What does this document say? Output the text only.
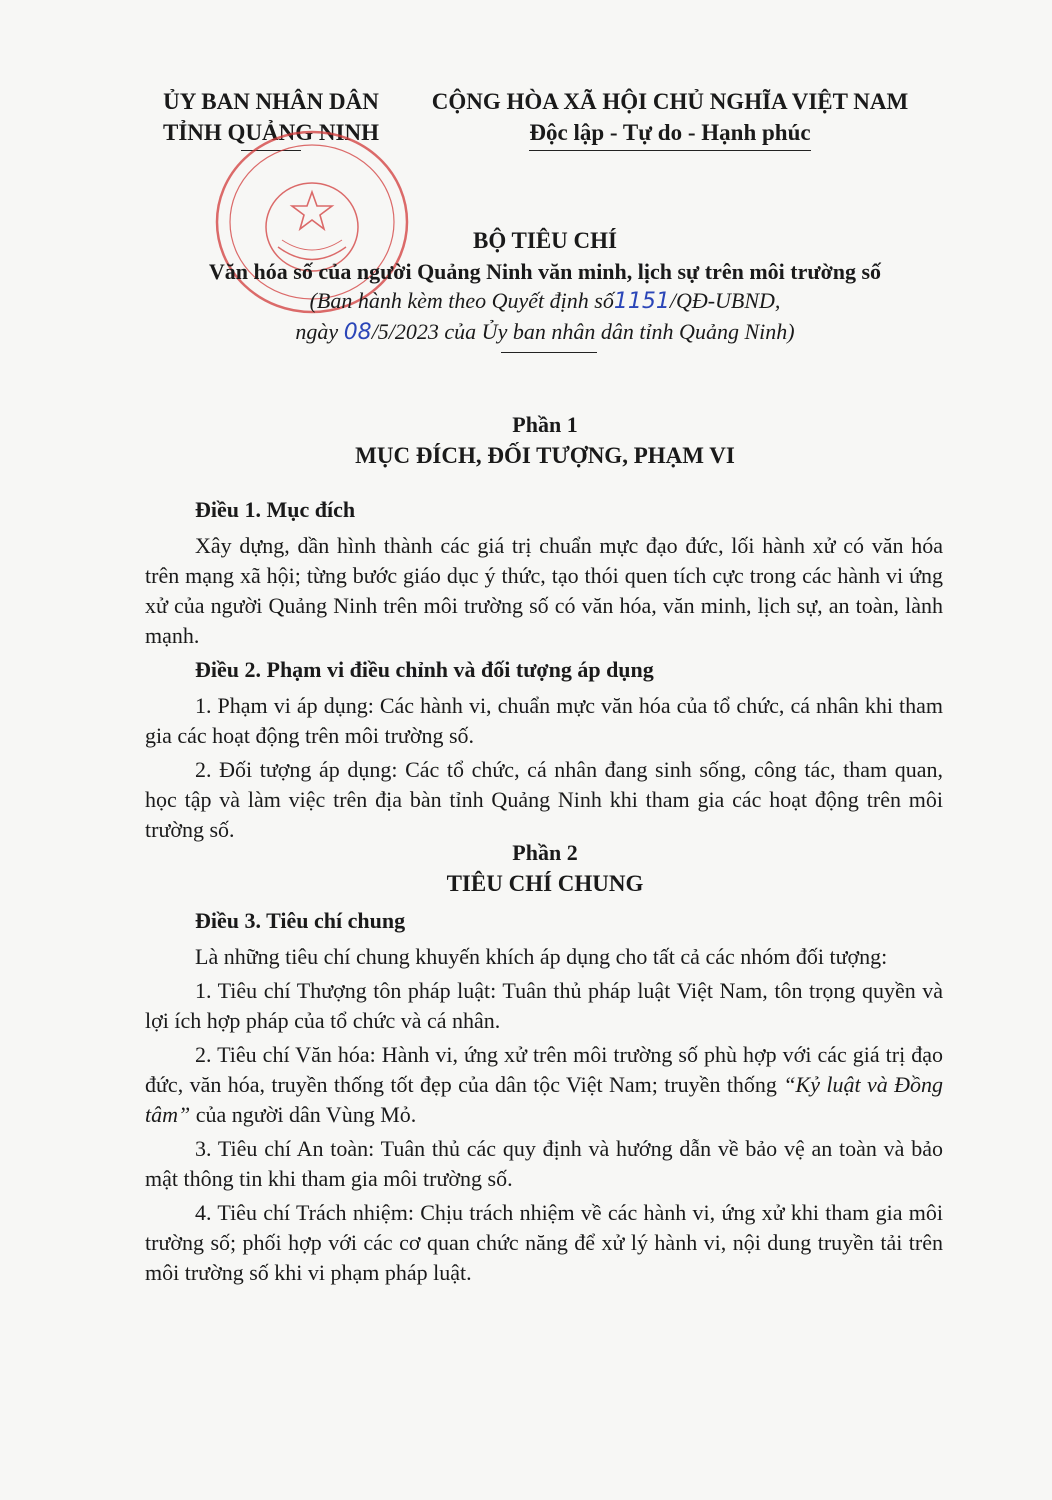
ỦY BAN NHÂN DÂN
TỈNH QUẢNG NINH
CỘNG HÒA XÃ HỘI CHỦ NGHĨA VIỆT NAM
Độc lập - Tự do - Hạnh phúc
BỘ TIÊU CHÍ
Văn hóa số của người Quảng Ninh văn minh, lịch sự trên môi trường số
(Ban hành kèm theo Quyết định số1151/QĐ-UBND,
ngày 08/5/2023 của Ủy ban nhân dân tỉnh Quảng Ninh)
Phần 1
MỤC ĐÍCH, ĐỐI TƯỢNG, PHẠM VI
Điều 1. Mục đích
Xây dựng, dần hình thành các giá trị chuẩn mực đạo đức, lối hành xử có văn hóa trên mạng xã hội; từng bước giáo dục ý thức, tạo thói quen tích cực trong các hành vi ứng xử của người Quảng Ninh trên môi trường số có văn hóa, văn minh, lịch sự, an toàn, lành mạnh.
Điều 2. Phạm vi điều chỉnh và đối tượng áp dụng
1. Phạm vi áp dụng: Các hành vi, chuẩn mực văn hóa của tổ chức, cá nhân khi tham gia các hoạt động trên môi trường số.
2. Đối tượng áp dụng: Các tổ chức, cá nhân đang sinh sống, công tác, tham quan, học tập và làm việc trên địa bàn tỉnh Quảng Ninh khi tham gia các hoạt động trên môi trường số.
Phần 2
TIÊU CHÍ CHUNG
Điều 3. Tiêu chí chung
Là những tiêu chí chung khuyến khích áp dụng cho tất cả các nhóm đối tượng:
1. Tiêu chí Thượng tôn pháp luật: Tuân thủ pháp luật Việt Nam, tôn trọng quyền và lợi ích hợp pháp của tổ chức và cá nhân.
2. Tiêu chí Văn hóa: Hành vi, ứng xử trên môi trường số phù hợp với các giá trị đạo đức, văn hóa, truyền thống tốt đẹp của dân tộc Việt Nam; truyền thống “Kỷ luật và Đồng tâm” của người dân Vùng Mỏ.
3. Tiêu chí An toàn: Tuân thủ các quy định và hướng dẫn về bảo vệ an toàn và bảo mật thông tin khi tham gia môi trường số.
4. Tiêu chí Trách nhiệm: Chịu trách nhiệm về các hành vi, ứng xử khi tham gia môi trường số; phối hợp với các cơ quan chức năng để xử lý hành vi, nội dung truyền tải trên môi trường số khi vi phạm pháp luật.
